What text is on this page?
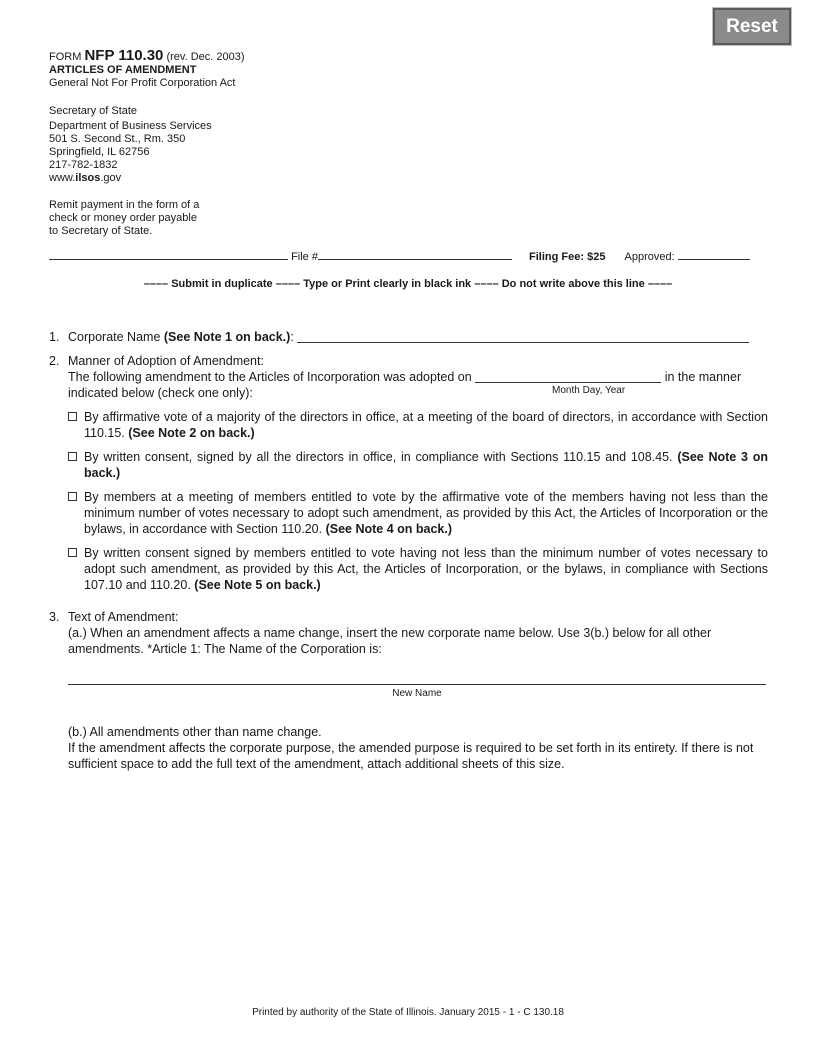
Reset
FORM NFP 110.30 (rev. Dec. 2003)
ARTICLES OF AMENDMENT
General Not For Profit Corporation Act
Secretary of State
Department of Business Services
501 S. Second St., Rm. 350
Springfield, IL 62756
217-782-1832
www.ilsos.gov
Remit payment in the form of a
check or money order payable
to Secretary of State.
File #	Filing Fee: $25 Approved:
–––– Submit in duplicate –––– Type or Print clearly in black ink –––– Do not write above this line ––––
1. Corporate Name (See Note 1 on back.):
2. Manner of Adoption of Amendment:
The following amendment to the Articles of Incorporation was adopted on	in the manner
indicated below (check one only):	Month Day, Year
By affirmative vote of a majority of the directors in office, at a meeting of the board of directors, in accordance with Section 110.15. (See Note 2 on back.)
By written consent, signed by all the directors in office, in compliance with Sections 110.15 and 108.45. (See Note 3 on back.)
By members at a meeting of members entitled to vote by the affirmative vote of the members having not less than the minimum number of votes necessary to adopt such amendment, as provided by this Act, the Articles of Incorporation or the bylaws, in accordance with Section 110.20. (See Note 4 on back.)
By written consent signed by members entitled to vote having not less than the minimum number of votes necessary to adopt such amendment, as provided by this Act, the Articles of Incorporation, or the bylaws, in compliance with Sections 107.10 and 110.20. (See Note 5 on back.)
3. Text of Amendment:
(a.) When an amendment affects a name change, insert the new corporate name below. Use 3(b.) below for all other amendments. *Article 1: The Name of the Corporation is:
New Name
(b.) All amendments other than name change.
If the amendment affects the corporate purpose, the amended purpose is required to be set forth in its entirety. If there is not sufficient space to add the full text of the amendment, attach additional sheets of this size.
Printed by authority of the State of Illinois. January 2015 - 1 - C 130.18
